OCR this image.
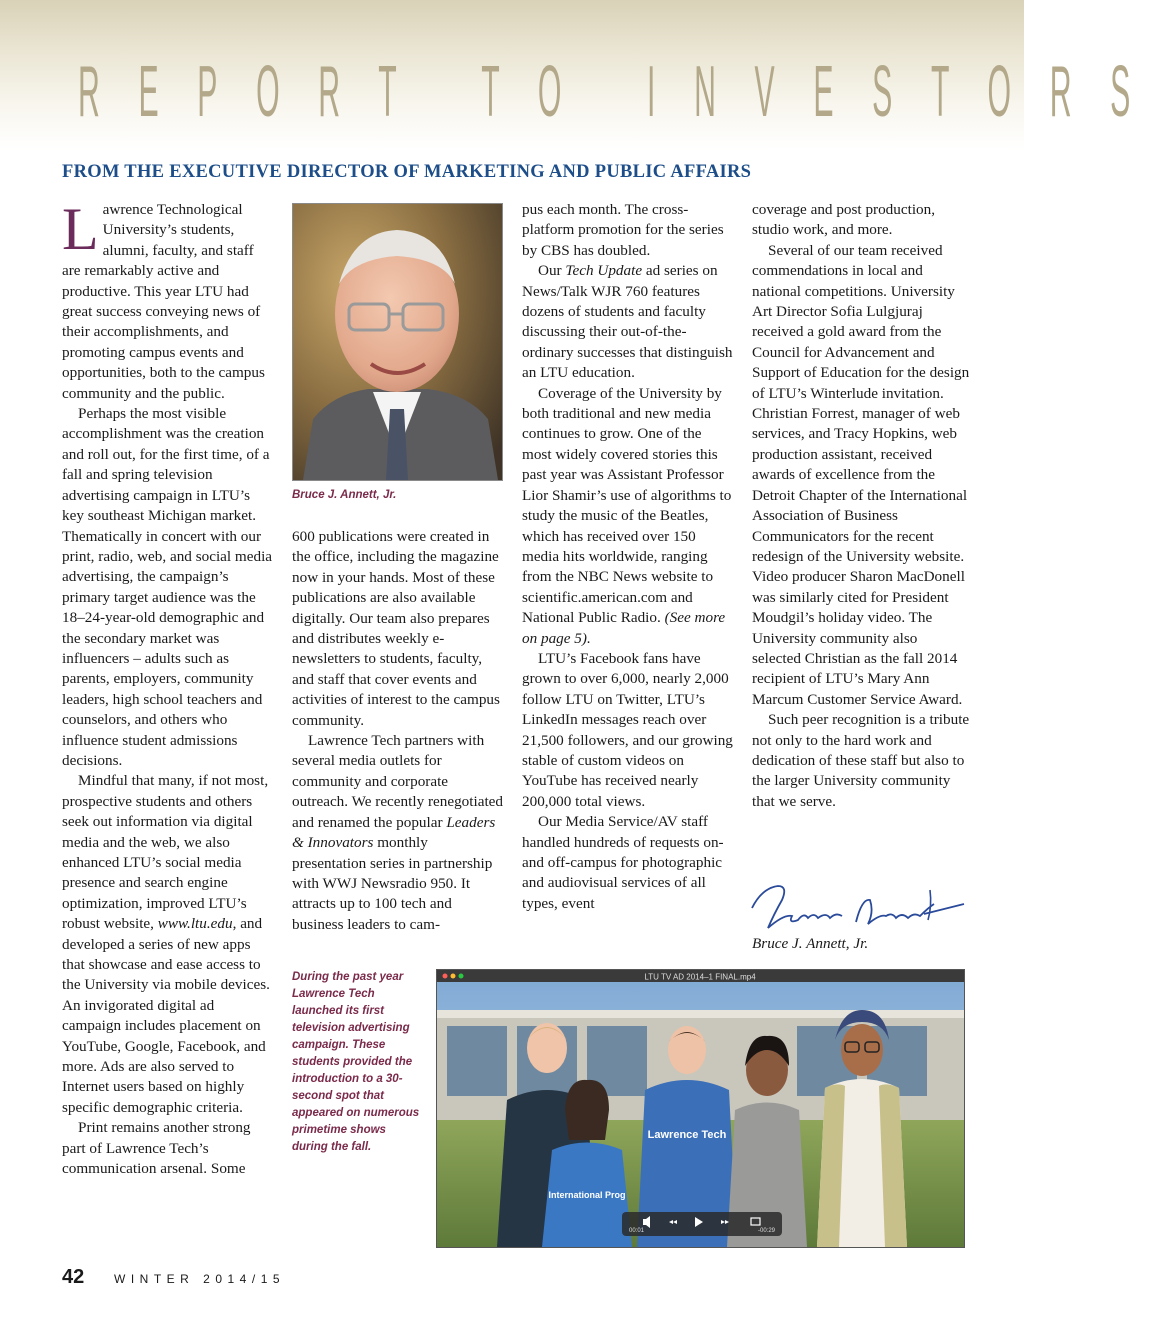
REPORT TO INVESTORS
FROM THE EXECUTIVE DIRECTOR OF MARKETING AND PUBLIC AFFAIRS

Lawrence Technological University’s students, alumni, faculty, and staff are remarkably active and productive. This year LTU had great success conveying news of their accomplishments, and promoting campus events and opportunities, both to the campus community and the public.

Perhaps the most visible accomplishment was the creation and roll out, for the first time, of a fall and spring television advertising campaign in LTU’s key southeast Michigan market. Thematically in concert with our print, radio, web, and social media advertising, the campaign’s primary target audience was the 18–24-year-old demographic and the secondary market was influencers – adults such as parents, employers, community leaders, high school teachers and counselors, and others who influence student admissions decisions.

Mindful that many, if not most, prospective students and others seek out information via digital media and the web, we also enhanced LTU’s social media presence and search engine optimization, improved LTU’s robust website, www.ltu.edu, and developed a series of new apps that showcase and ease access to the University via mobile devices. An invigorated digital ad campaign includes placement on YouTube, Google, Facebook, and more. Ads are also served to Internet users based on highly specific demographic criteria.

Print remains another strong part of Lawrence Tech’s communication arsenal. Some

Bruce J. Annett, Jr.

600 publications were created in the office, including the magazine now in your hands. Most of these publications are also available digitally. Our team also prepares and distributes weekly e-newsletters to students, faculty, and staff that cover events and activities of interest to the campus community.

Lawrence Tech partners with several media outlets for community and corporate outreach. We recently renegotiated and renamed the popular Leaders & Innovators monthly presentation series in partnership with WWJ Newsradio 950. It attracts up to 100 tech and business leaders to cam-

pus each month. The cross-platform promotion for the series by CBS has doubled.

Our Tech Update ad series on News/Talk WJR 760 features dozens of students and faculty discussing their out-of-the-ordinary successes that distinguish an LTU education.

Coverage of the University by both traditional and new media continues to grow. One of the most widely covered stories this past year was Assistant Professor Lior Shamir’s use of algorithms to study the music of the Beatles, which has received over 150 media hits worldwide, ranging from the NBC News website to scientific.american.com and National Public Radio. (See more on page 5).

LTU’s Facebook fans have grown to over 6,000, nearly 2,000 follow LTU on Twitter, LTU’s LinkedIn messages reach over 21,500 followers, and our growing stable of custom videos on YouTube has received nearly 200,000 total views.

Our Media Service/AV staff handled hundreds of requests on- and off-campus for photographic and audiovisual services of all types, event

coverage and post production, studio work, and more.

Several of our team received commendations in local and national competitions. University Art Director Sofia Lulgjuraj received a gold award from the Council for Advancement and Support of Education for the design of LTU’s Winterlude invitation. Christian Forrest, manager of web services, and Tracy Hopkins, web production assistant, received awards of excellence from the Detroit Chapter of the International Association of Business Communicators for the recent redesign of the University website. Video producer Sharon MacDonell was similarly cited for President Moudgil’s holiday video. The University community also selected Christian as the fall 2014 recipient of LTU’s Mary Ann Marcum Customer Service Award.

Such peer recognition is a tribute not only to the hard work and dedication of these staff but also to the larger University community that we serve.

Bruce J. Annett, Jr.
During the past year Lawrence Tech launched its first television advertising campaign. These students provided the introduction to a 30-second spot that appeared on numerous primetime shows during the fall.
LTU TV AD 2014–1 FINAL.mp4
International Prog
Lawrence Tech
00:01	-00:29
42 WINTER 2014/15
